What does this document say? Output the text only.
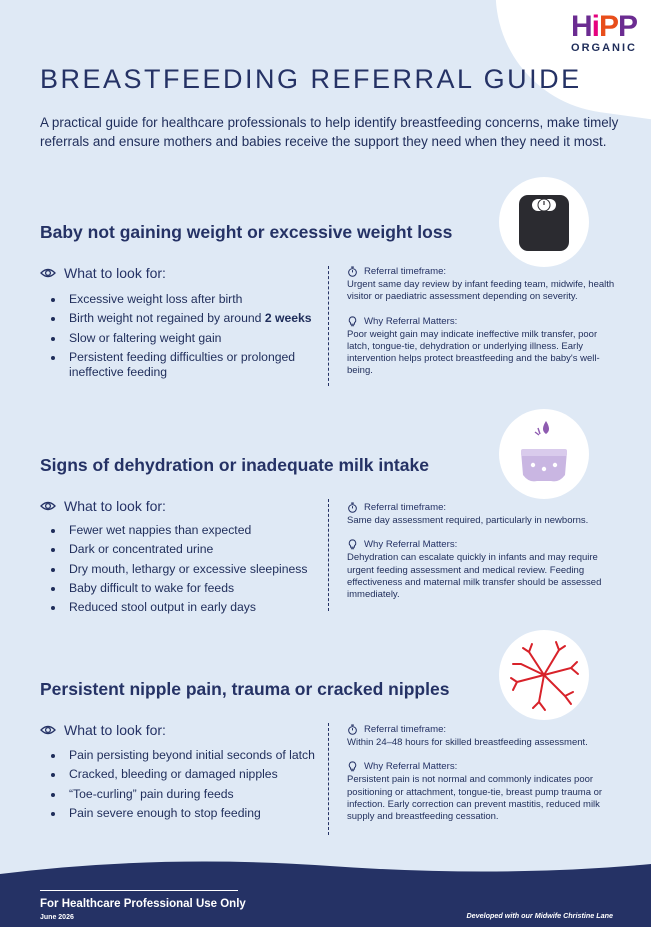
HiPP
ORGANIC
BREASTFEEDING REFERRAL GUIDE

A practical guide for healthcare professionals to help identify breastfeeding concerns, make timely referrals and ensure mothers and babies receive the support they need when they need it most.

Baby not gaining weight or excessive weight loss
What to look for:
Excessive weight loss after birth
Birth weight not regained by around 2 weeks
Slow or faltering weight gain
Persistent feeding difficulties or prolonged ineffective feeding
Referral timeframe:

Urgent same day review by infant feeding team, midwife, health visitor or paediatric assessment depending on severity.

Why Referral Matters:

Poor weight gain may indicate ineffective milk transfer, poor latch, tongue-tie, dehydration or underlying illness. Early intervention helps protect breastfeeding and the baby's well-being.

Signs of dehydration or inadequate milk intake
What to look for:
Fewer wet nappies than expected
Dark or concentrated urine
Dry mouth, lethargy or excessive sleepiness
Baby difficult to wake for feeds
Reduced stool output in early days
Referral timeframe:

Same day assessment required, particularly in newborns.

Why Referral Matters:

Dehydration can escalate quickly in infants and may require urgent feeding assessment and medical review. Feeding effectiveness and maternal milk transfer should be assessed immediately.

Persistent nipple pain, trauma or cracked nipples
What to look for:
Pain persisting beyond initial seconds of latch
Cracked, bleeding or damaged nipples
“Toe-curling” pain during feeds
Pain severe enough to stop feeding
Referral timeframe:

Within 24–48 hours for skilled breastfeeding assessment.

Why Referral Matters:

Persistent pain is not normal and commonly indicates poor positioning or attachment, tongue-tie, breast pump trauma or infection. Early correction can prevent mastitis, reduced milk supply and breastfeeding cessation.

For Healthcare Professional Use Only
June 2026	Developed with our Midwife Christine Lane
